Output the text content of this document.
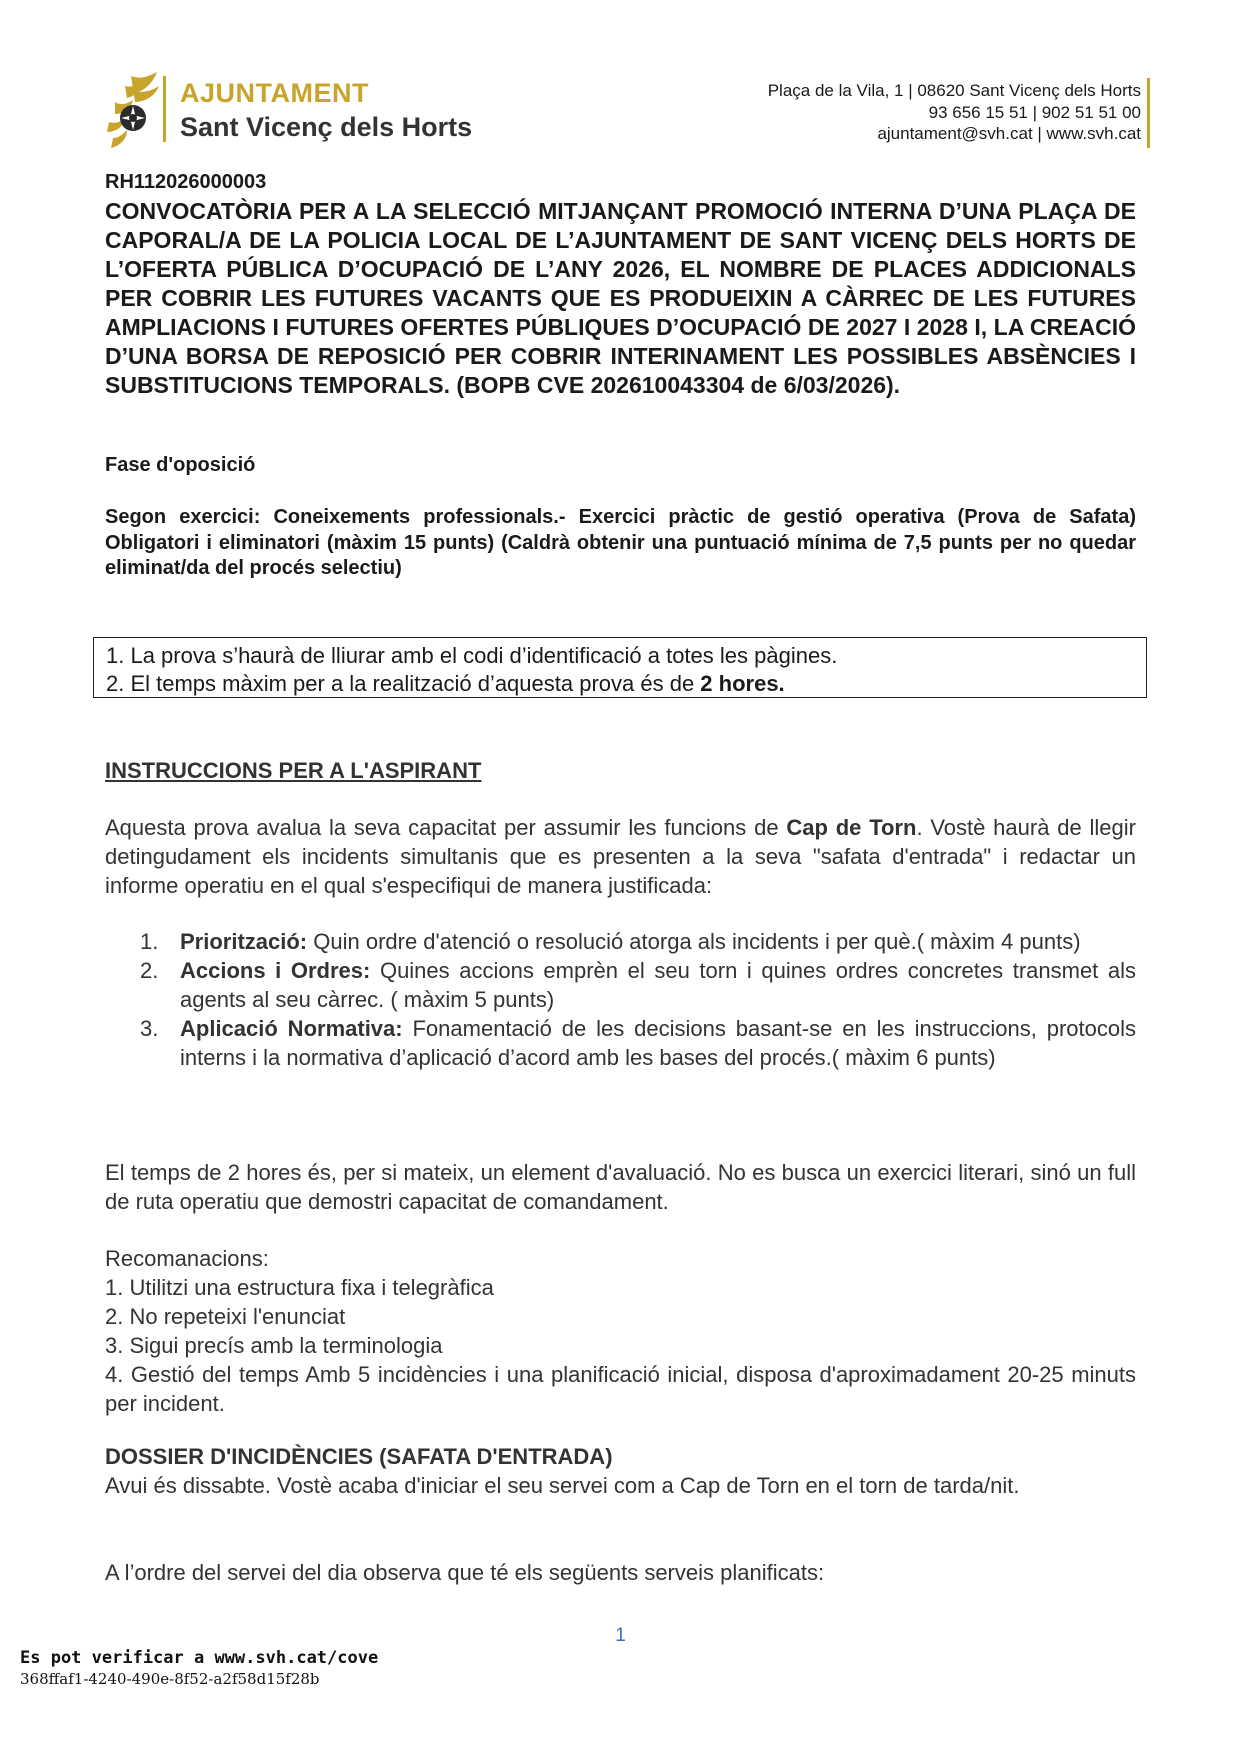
AJUNTAMENT
Sant Vicenç dels Horts
Plaça de la Vila, 1 | 08620 Sant Vicenç dels Horts
93 656 15 51 | 902 51 51 00
ajuntament@svh.cat | www.svh.cat
RH112026000003
CONVOCATÒRIA PER A LA SELECCIÓ MITJANÇANT PROMOCIÓ INTERNA D’UNA PLAÇA DE CAPORAL/A DE LA POLICIA LOCAL DE L’AJUNTAMENT DE SANT VICENÇ DELS HORTS DE L’OFERTA PÚBLICA D’OCUPACIÓ DE L’ANY 2026, EL NOMBRE DE PLACES ADDICIONALS PER COBRIR LES FUTURES VACANTS QUE ES PRODUEIXIN A CÀRREC DE LES FUTURES AMPLIACIONS I FUTURES OFERTES PÚBLIQUES D’OCUPACIÓ DE 2027 I 2028 I, LA CREACIÓ D’UNA BORSA DE REPOSICIÓ PER COBRIR INTERINAMENT LES POSSIBLES ABSÈNCIES I SUBSTITUCIONS TEMPORALS. (BOPB CVE 202610043304 de 6/03/2026).
Fase d'oposició
Segon exercici: Coneixements professionals.- Exercici pràctic de gestió operativa (Prova de Safata) Obligatori i eliminatori (màxim 15 punts) (Caldrà obtenir una puntuació mínima de 7,5 punts per no quedar eliminat/da del procés selectiu)
1. La prova s’haurà de lliurar amb el codi d’identificació a totes les pàgines.
2. El temps màxim per a la realització d’aquesta prova és de 2 hores.
INSTRUCCIONS PER A L'ASPIRANT
Aquesta prova avalua la seva capacitat per assumir les funcions de Cap de Torn. Vostè haurà de llegir detingudament els incidents simultanis que es presenten a la seva "safata d'entrada" i redactar un informe operatiu en el qual s'especifiqui de manera justificada:
1. Priorització: Quin ordre d'atenció o resolució atorga als incidents i per què.( màxim 4 punts)
2. Accions i Ordres: Quines accions emprèn el seu torn i quines ordres concretes transmet als agents al seu càrrec. ( màxim 5 punts)
3. Aplicació Normativa: Fonamentació de les decisions basant-se en les instruccions, protocols interns i la normativa d’aplicació d’acord amb les bases del procés.( màxim 6 punts)
El temps de 2 hores és, per si mateix, un element d'avaluació. No es busca un exercici literari, sinó un full de ruta operatiu que demostri capacitat de comandament.
Recomanacions:
1. Utilitzi una estructura fixa i telegràfica
2. No repeteixi l'enunciat
3. Sigui precís amb la terminologia
4. Gestió del temps Amb 5 incidències i una planificació inicial, disposa d'aproximadament 20-25 minuts per incident.
DOSSIER D'INCIDÈNCIES (SAFATA D'ENTRADA)
Avui és dissabte. Vostè acaba d'iniciar el seu servei com a Cap de Torn en el torn de tarda/nit.
A l’ordre del servei del dia observa que té els següents serveis planificats:
1
Es pot verificar a www.svh.cat/cove
368ffaf1-4240-490e-8f52-a2f58d15f28b
